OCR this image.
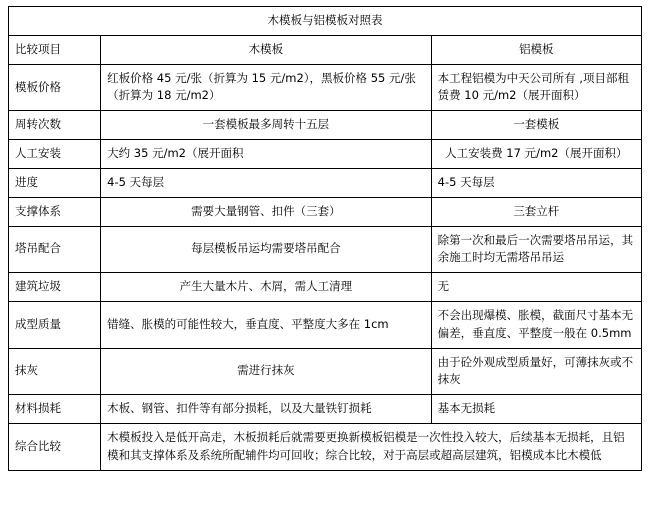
木模板与铝模板对照表		
比较项目	木模板	铝模板
模板价格	红板价格 45 元/张（折算为 15 元/m2），黑板价格 55 元/张（折算为 18 元/m2）	本工程铝模为中天公司所有 ,项目部租赁费 10 元/m2（展开面积）
周转次数	一套模板最多周转十五层	一套模板
人工安装	大约 35 元/m2（展开面积	人工安装费 17 元/m2（展开面积）
进度	4-5 天每层	4-5 天每层
支撑体系	需要大量钢管、扣件（三套）	三套立杆
塔吊配合	每层模板吊运均需要塔吊配合	除第一次和最后一次需要塔吊吊运，其余施工时均无需塔吊吊运
建筑垃圾	产生大量木片、木屑，需人工清理	无
成型质量	错缝、胀模的可能性较大，垂直度、平整度大多在 1cm	不会出现爆模、胀模，截面尺寸基本无偏差，垂直度、平整度一般在 0.5mm
抹灰	需进行抹灰	由于砼外观成型质量好，可薄抹灰或不抹灰
材料损耗	木板、钢管、扣件等有部分损耗，以及大量铁钉损耗	基本无损耗
综合比较	木模板投入是低开高走，木板损耗后就需要更换新模板铝模是一次性投入较大，后续基本无损耗，且铝模和其支撑体系及系统所配辅件均可回收；综合比较，对于高层或超高层建筑，铝模成本比木模低	
